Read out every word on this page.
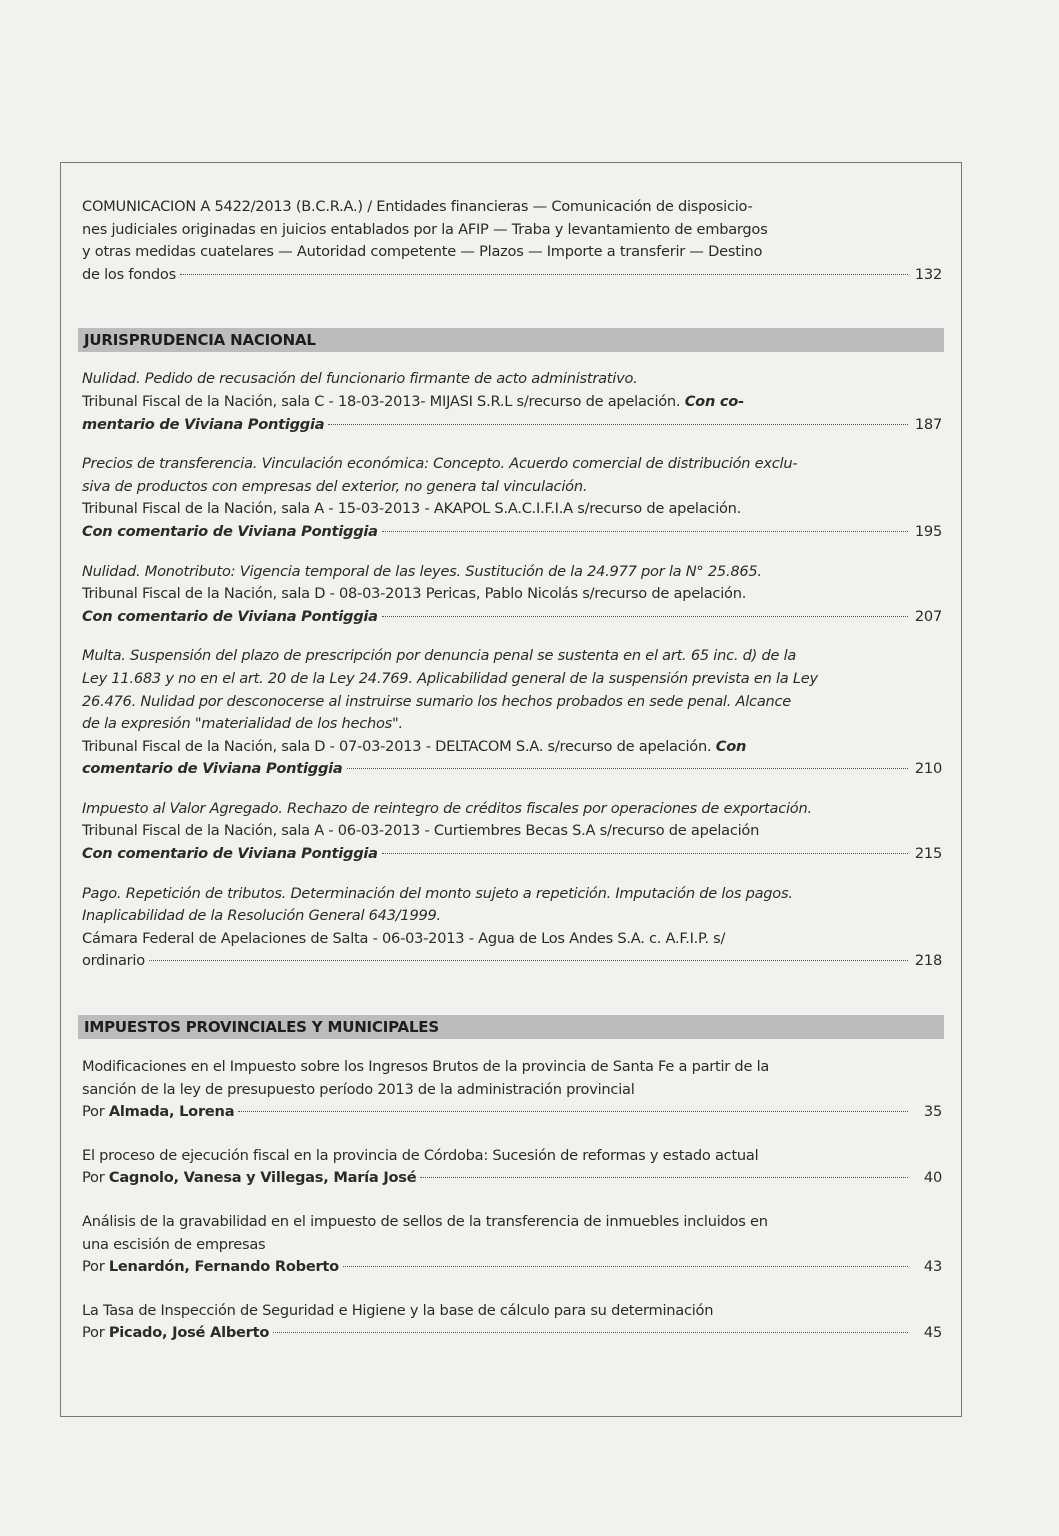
COMUNICACION A 5422/2013 (B.C.R.A.) / Entidades financieras — Comunicación de disposicio-

nes judiciales originadas en juicios entablados por la AFIP — Traba y levantamiento de embargos

y otras medidas cuatelares — Autoridad competente — Plazos — Importe a transferir — Destino

de los fondos	132
JURISPRUDENCIA NACIONAL

Nulidad. Pedido de recusación del funcionario firmante de acto administrativo.

Tribunal Fiscal de la Nación, sala C - 18-03-2013- MIJASI S.R.L s/recurso de apelación. Con co-

mentario de Viviana Pontiggia	187

Precios de transferencia. Vinculación económica: Concepto. Acuerdo comercial de distribución exclu-

siva de productos con empresas del exterior, no genera tal vinculación.

Tribunal Fiscal de la Nación, sala A - 15-03-2013 - AKAPOL S.A.C.I.F.I.A s/recurso de apelación.

Con comentario de Viviana Pontiggia	195

Nulidad. Monotributo: Vigencia temporal de las leyes. Sustitución de la 24.977 por la N° 25.865.

Tribunal Fiscal de la Nación, sala D - 08-03-2013 Pericas, Pablo Nicolás s/recurso de apelación.

Con comentario de Viviana Pontiggia	207

Multa. Suspensión del plazo de prescripción por denuncia penal se sustenta en el art. 65 inc. d) de la

Ley 11.683 y no en el art. 20 de la Ley 24.769. Aplicabilidad general de la suspensión prevista en la Ley

26.476. Nulidad por desconocerse al instruirse sumario los hechos probados en sede penal. Alcance

de la expresión "materialidad de los hechos".

Tribunal Fiscal de la Nación, sala D - 07-03-2013 - DELTACOM S.A. s/recurso de apelación. Con

comentario de Viviana Pontiggia	210

Impuesto al Valor Agregado. Rechazo de reintegro de créditos fiscales por operaciones de exportación.

Tribunal Fiscal de la Nación, sala A - 06-03-2013 - Curtiembres Becas S.A s/recurso de apelación

Con comentario de Viviana Pontiggia	215

Pago. Repetición de tributos. Determinación del monto sujeto a repetición. Imputación de los pagos.

Inaplicabilidad de la Resolución General 643/1999.

Cámara Federal de Apelaciones de Salta - 06-03-2013 - Agua de Los Andes S.A. c. A.F.I.P. s/

ordinario	218
IMPUESTOS PROVINCIALES Y MUNICIPALES

Modificaciones en el Impuesto sobre los Ingresos Brutos de la provincia de Santa Fe a partir de la

sanción de la ley de presupuesto período 2013 de la administración provincial

Por Almada, Lorena	35

El proceso de ejecución fiscal en la provincia de Córdoba: Sucesión de reformas y estado actual

Por Cagnolo, Vanesa y Villegas, María José	40

Análisis de la gravabilidad en el impuesto de sellos de la transferencia de inmuebles incluidos en

una escisión de empresas

Por Lenardón, Fernando Roberto	43

La Tasa de Inspección de Seguridad e Higiene y la base de cálculo para su determinación

Por Picado, José Alberto	45
